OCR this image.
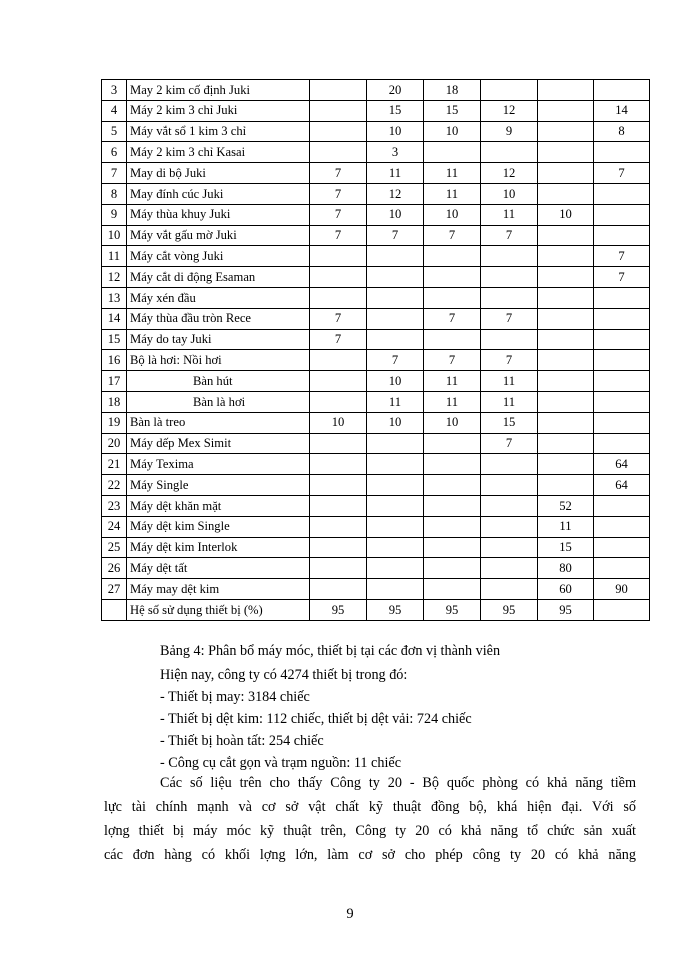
3	May 2 kim cố định Juki		20	18			
4	Máy 2 kim 3 chỉ Juki		15	15	12		14
5	Máy vắt sổ 1 kim 3 chỉ		10	10	9		8
6	Máy 2 kim 3 chỉ Kasai		3				
7	May di bộ Juki	7	11	11	12		7
8	May đính cúc Juki	7	12	11	10		
9	Máy thùa khuy Juki	7	10	10	11	10	
10	Máy vắt gấu mờ Juki	7	7	7	7		
11	Máy cắt vòng Juki						7
12	Máy cắt di động Esaman						7
13	Máy xén đầu						
14	Máy thùa đầu tròn Rece	7		7	7		
15	Máy do tay Juki	7					
16	Bộ là hơi: Nồi hơi		7	7	7		
17	Bàn hút		10	11	11		
18	Bàn là hơi		11	11	11		
19	Bàn là treo	10	10	10	15		
20	Máy dếp Mex Simit				7		
21	Máy Texima						64
22	Máy Single						64
23	Máy dệt khăn mặt					52	
24	Máy dệt kim Single					11	
25	Máy dệt kim Interlok					15	
26	Máy dệt tất					80	
27	Máy may dệt kim					60	90
	Hệ số sử dụng thiết bị (%)	95	95	95	95	95	
Bảng 4: Phân bổ máy móc, thiết bị tại các đơn vị thành viên
Hiện nay, công ty có 4274 thiết bị trong đó:
- Thiết bị may: 3184 chiếc
- Thiết bị dệt kim: 112 chiếc, thiết bị dệt vải: 724 chiếc
- Thiết bị hoàn tất: 254 chiếc
- Công cụ cắt gọn và trạm nguồn: 11 chiếc
Các số liệu trên cho thấy Công ty 20 - Bộ quốc phòng có khả năng tiềm
lực tài chính mạnh và cơ sở vật chất kỹ thuật đồng bộ, khá hiện đại. Với số
lợng thiết bị máy móc kỹ thuật trên, Công ty 20 có khả năng tổ chức sản xuất
các đơn hàng có khối lợng lớn, làm cơ sở cho phép công ty 20 có khả năng
9
